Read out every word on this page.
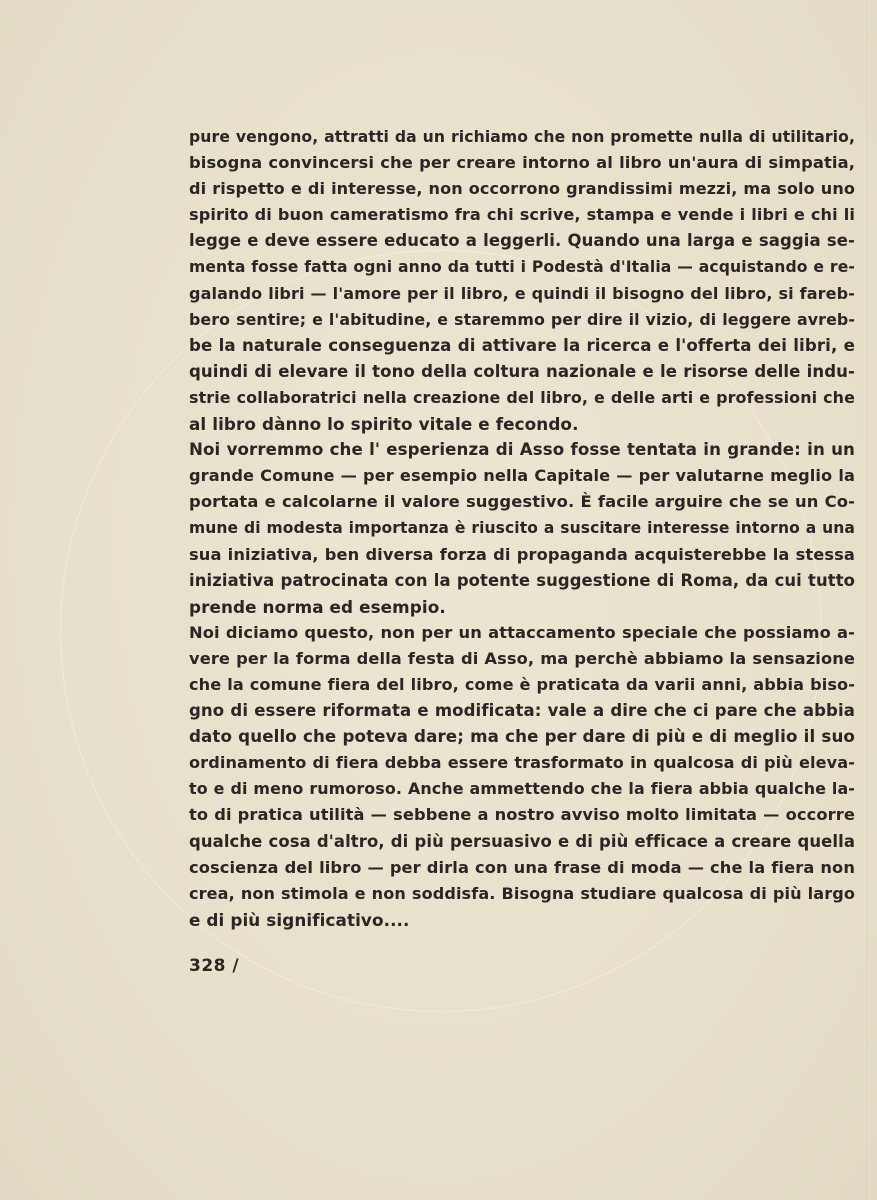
pure vengono, attratti da un richiamo che non promette nulla di utilitario,
bisogna convincersi che per creare intorno al libro un'aura di simpatia,
di rispetto e di interesse, non occorrono grandissimi mezzi, ma solo uno
spirito di buon cameratismo fra chi scrive, stampa e vende i libri e chi li
legge e deve essere educato a leggerli. Quando una larga e saggia se-
menta fosse fatta ogni anno da tutti i Podestà d'Italia — acquistando e re-
galando libri — l'amore per il libro, e quindi il bisogno del libro, si fareb-
bero sentire; e l'abitudine, e staremmo per dire il vizio, di leggere avreb-
be la naturale conseguenza di attivare la ricerca e l'offerta dei libri, e
quindi di elevare il tono della coltura nazionale e le risorse delle indu-
strie collaboratrici nella creazione del libro, e delle arti e professioni che
al libro dànno lo spirito vitale e fecondo.
Noi vorremmo che l' esperienza di Asso fosse tentata in grande: in un
grande Comune — per esempio nella Capitale — per valutarne meglio la
portata e calcolarne il valore suggestivo. È facile arguire che se un Co-
mune di modesta importanza è riuscito a suscitare interesse intorno a una
sua iniziativa, ben diversa forza di propaganda acquisterebbe la stessa
iniziativa patrocinata con la potente suggestione di Roma, da cui tutto
prende norma ed esempio.
Noi diciamo questo, non per un attaccamento speciale che possiamo a-
vere per la forma della festa di Asso, ma perchè abbiamo la sensazione
che la comune fiera del libro, come è praticata da varii anni, abbia biso-
gno di essere riformata e modificata: vale a dire che ci pare che abbia
dato quello che poteva dare; ma che per dare di più e di meglio il suo
ordinamento di fiera debba essere trasformato in qualcosa di più eleva-
to e di meno rumoroso. Anche ammettendo che la fiera abbia qualche la-
to di pratica utilità — sebbene a nostro avviso molto limitata — occorre
qualche cosa d'altro, di più persuasivo e di più efficace a creare quella
coscienza del libro — per dirla con una frase di moda — che la fiera non
crea, non stimola e non soddisfa. Bisogna studiare qualcosa di più largo
e di più significativo....
328 /
